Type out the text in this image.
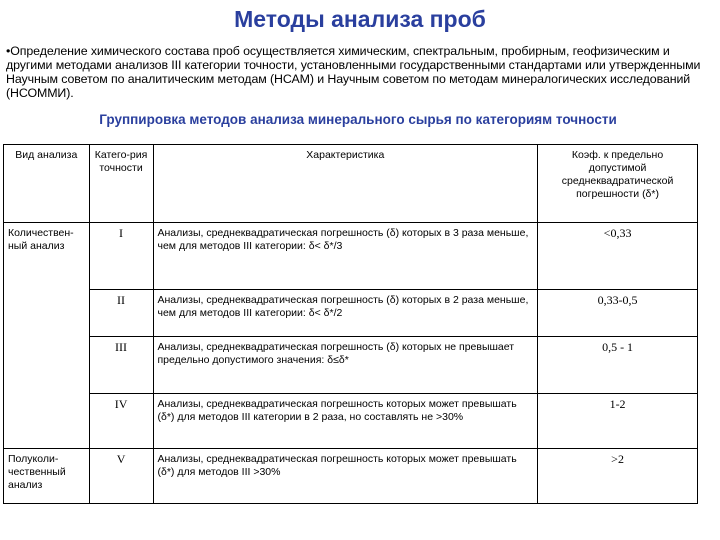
Методы анализа проб
•Определение химического состава проб осуществляется химическим, спектральным, пробирным, геофизическим и другими методами анализов III категории точности, установленными государственными стандартами или утвержденными Научным советом по аналитическим методам (НСАМ) и Научным советом по методам минералогических исследований (НСОММИ).
Группировка методов анализа минерального сырья по категориям точности
Вид анализа	Катего-рия точности	Характеристика	Коэф. к предельно допустимой среднеквадратической погрешности (δ*)
Количествен-ный анализ	I	Анализы, среднеквадратическая погрешность (δ) которых в 3 раза меньше, чем для методов III категории: δ< δ*/3	<0,33
	II	Анализы, среднеквадратическая погрешность (δ) которых в 2 раза меньше, чем для методов III категории: δ< δ*/2	0,33-0,5
	III	Анализы, среднеквадратическая погрешность (δ) которых не превышает предельно допустимого значения: δ≤δ*	0,5 - 1
	IV	Анализы, среднеквадратическая погрешность которых может превышать (δ*) для методов III категории в 2 раза, но составлять не >30%	1-2
Полуколи-чественный анализ	V	Анализы, среднеквадратическая погрешность которых может превышать (δ*) для методов III >30%	>2
